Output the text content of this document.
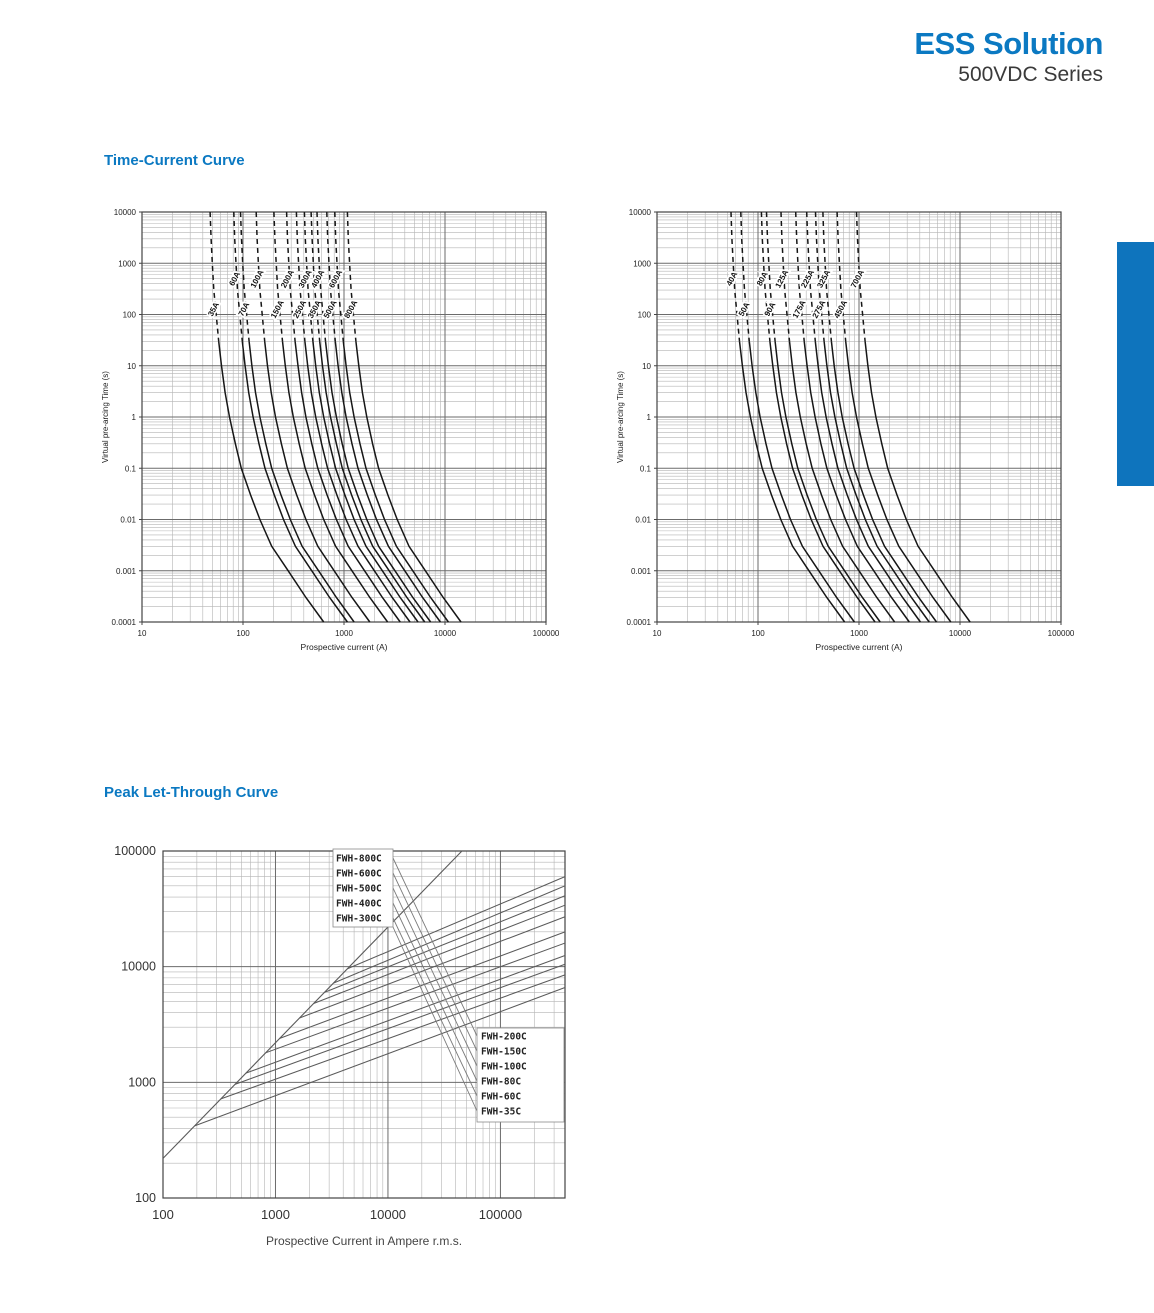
ESS Solution
500VDC Series
Time-Current Curve
10000
1000
100
10
1
0.1
0.01
0.001
0.0001
10	100	1000	10000	100000
Prospective current (A)
Virtual pre-arcing Time (s)
35A
60A
70A
100A
150A
200A
250A
300A
350A
400A
500A
600A
800A
10000
1000
100
10
1
0.1
0.01
0.001
0.0001
10	100	1000	10000	100000
Prospective current (A)
Virtual pre-arcing Time (s)
40A
50A
80A
90A
125A
175A
225A
275A
325A
450A
700A
Peak Let-Through Curve
100000
10000
1000
100
100	1000	10000	100000
Prospective Current in Ampere r.m.s.
FWH-800C
FWH-600C
FWH-500C
FWH-400C
FWH-300C
FWH-200C
FWH-150C
FWH-100C
FWH-80C
FWH-60C
FWH-35C
